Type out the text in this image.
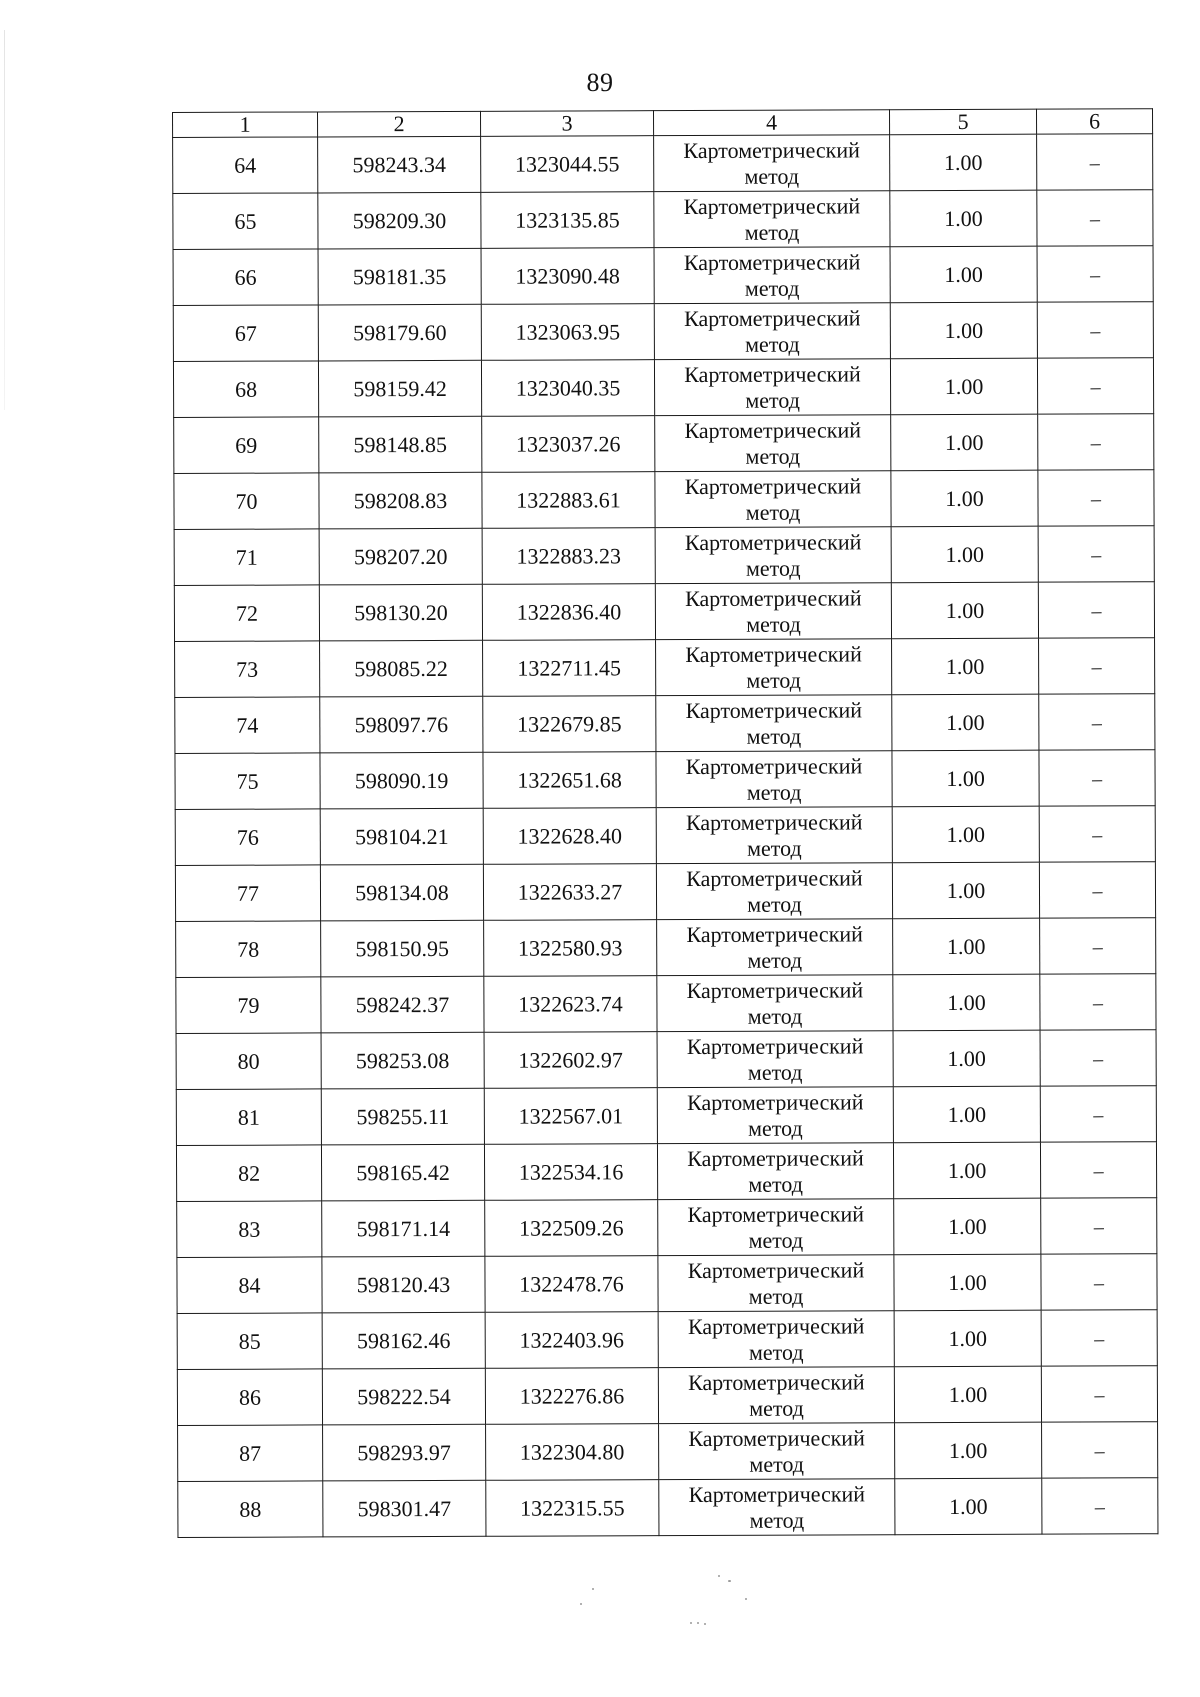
89
1	2	3	4	5	6
64	598243.34	1323044.55	Картометрический метод	1.00	–
65	598209.30	1323135.85	Картометрический метод	1.00	–
66	598181.35	1323090.48	Картометрический метод	1.00	–
67	598179.60	1323063.95	Картометрический метод	1.00	–
68	598159.42	1323040.35	Картометрический метод	1.00	–
69	598148.85	1323037.26	Картометрический метод	1.00	–
70	598208.83	1322883.61	Картометрический метод	1.00	–
71	598207.20	1322883.23	Картометрический метод	1.00	–
72	598130.20	1322836.40	Картометрический метод	1.00	–
73	598085.22	1322711.45	Картометрический метод	1.00	–
74	598097.76	1322679.85	Картометрический метод	1.00	–
75	598090.19	1322651.68	Картометрический метод	1.00	–
76	598104.21	1322628.40	Картометрический метод	1.00	–
77	598134.08	1322633.27	Картометрический метод	1.00	–
78	598150.95	1322580.93	Картометрический метод	1.00	–
79	598242.37	1322623.74	Картометрический метод	1.00	–
80	598253.08	1322602.97	Картометрический метод	1.00	–
81	598255.11	1322567.01	Картометрический метод	1.00	–
82	598165.42	1322534.16	Картометрический метод	1.00	–
83	598171.14	1322509.26	Картометрический метод	1.00	–
84	598120.43	1322478.76	Картометрический метод	1.00	–
85	598162.46	1322403.96	Картометрический метод	1.00	–
86	598222.54	1322276.86	Картометрический метод	1.00	–
87	598293.97	1322304.80	Картометрический метод	1.00	–
88	598301.47	1322315.55	Картометрический метод	1.00	–
